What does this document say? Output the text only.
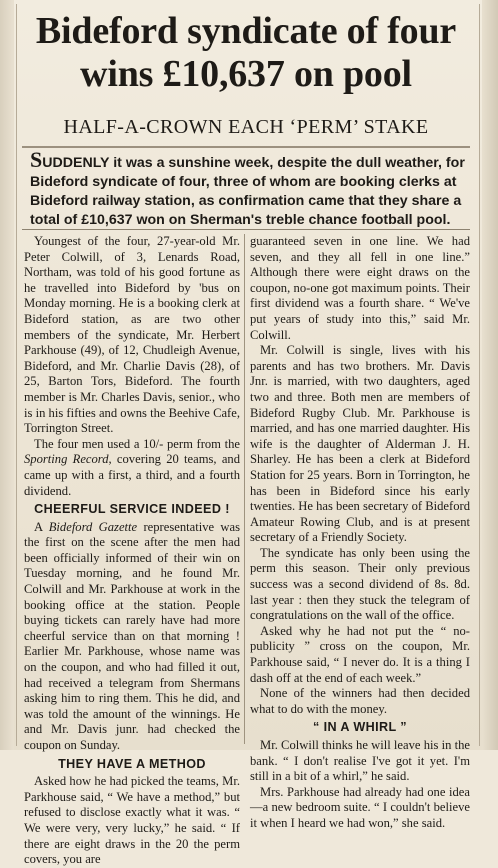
Bideford syndicate of four
wins £10,637 on pool
HALF-A-CROWN EACH ‘PERM’ STAKE
SUDDENLY it was a sunshine week, despite the dull weather, for Bideford syndicate of four, three of whom are booking clerks at Bideford railway station, as confirmation came that they share a total of £10,637 won on Sherman's treble chance football pool.

Youngest of the four, 27-year-old Mr. Peter Colwill, of 3, Lenards Road, Northam, was told of his good fortune as he travelled into Bideford by 'bus on Monday morning. He is a booking clerk at Bideford station, as are two other members of the syndicate, Mr. Herbert Parkhouse (49), of 12, Chudleigh Avenue, Bideford, and Mr. Charlie Davis (28), of 25, Barton Tors, Bideford. The fourth member is Mr. Charles Davis, senior., who is in his fifties and owns the Beehive Cafe, Torrington Street.

The four men used a 10/- perm from the Sporting Record, covering 20 teams, and came up with a first, a third, and a fourth dividend.

CHEERFUL SERVICE INDEED !

A Bideford Gazette representative was the first on the scene after the men had been officially informed of their win on Tuesday morning, and he found Mr. Colwill and Mr. Parkhouse at work in the booking office at the station. People buying tickets can rarely have had more cheerful service than on that morning ! Earlier Mr. Parkhouse, whose name was on the coupon, and who had filled it out, had received a telegram from Shermans asking him to ring them. This he did, and was told the amount of the winnings. He and Mr. Davis junr. had checked the coupon on Sunday.

THEY HAVE A METHOD

Asked how he had picked the teams, Mr. Parkhouse said, “ We have a method,” but refused to disclose exactly what it was. “ We were very, very lucky,” he said. “ If there are eight draws in the 20 the perm covers, you are

guaranteed seven in one line. We had seven, and they all fell in one line.” Although there were eight draws on the coupon, no-one got maximum points. Their first dividend was a fourth share. “ We've put years of study into this,” said Mr. Colwill.

Mr. Colwill is single, lives with his parents and has two brothers. Mr. Davis Jnr. is married, with two daughters, aged two and three. Both men are members of Bideford Rugby Club. Mr. Parkhouse is married, and has one married daughter. His wife is the daughter of Alderman J. H. Sharley. He has been a clerk at Bideford Station for 25 years. Born in Torrington, he has been in Bideford since his early twenties. He has been secretary of Bideford Amateur Rowing Club, and is at present secretary of a Friendly Society.

The syndicate has only been using the perm this season. Their only previous success was a second dividend of 8s. 8d. last year : then they stuck the telegram of congratulations on the wall of the office.

Asked why he had not put the “ no-publicity ” cross on the coupon, Mr. Parkhouse said, “ I never do. It is a thing I dash off at the end of each week.”

None of the winners had then decided what to do with the money.

“ IN A WHIRL ”

Mr. Colwill thinks he will leave his in the bank. “ I don't realise I've got it yet. I'm still in a bit of a whirl,” he said.

Mrs. Parkhouse had already had one idea—a new bedroom suite. “ I couldn't believe it when I heard we had won,” she said.
